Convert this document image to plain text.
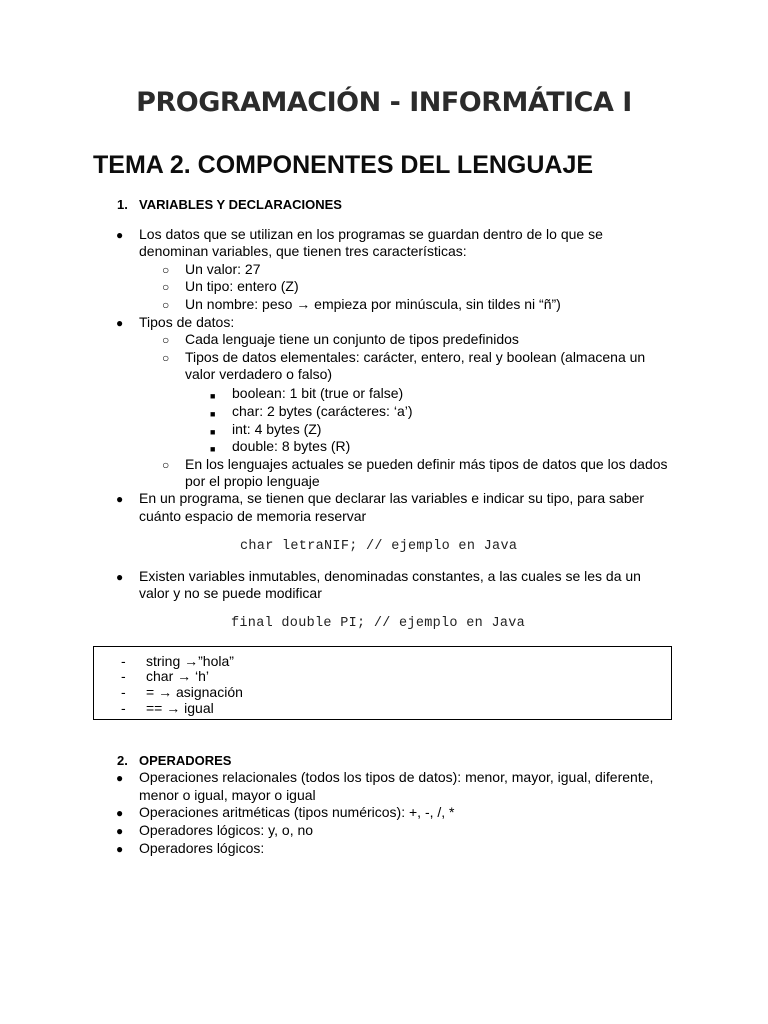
PROGRAMACIÓN - INFORMÁTICA I
TEMA 2. COMPONENTES DEL LENGUAJE
1. VARIABLES Y DECLARACIONES
●	Los datos que se utilizan en los programas se guardan dentro de lo que se
denominan variables, que tienen tres características:
○ Un valor: 27
○ Un tipo: entero (Z)
○ Un nombre: peso → empieza por minúscula, sin tildes ni “ñ”)
●	Tipos de datos:
○ Cada lenguaje tiene un conjunto de tipos predefinidos
○ Tipos de datos elementales: carácter, entero, real y boolean (almacena un
valor verdadero o falso)
■ boolean: 1 bit (true or false)
■ char: 2 bytes (carácteres: ‘a’)
■ int: 4 bytes (Z)
■ double: 8 bytes (R)
○ En los lenguajes actuales se pueden definir más tipos de datos que los dados
por el propio lenguaje
●	En un programa, se tienen que declarar las variables e indicar su tipo, para saber
cuánto espacio de memoria reservar
char letraNIF; // ejemplo en Java
●	Existen variables inmutables, denominadas constantes, a las cuales se les da un
valor y no se puede modificar
final double PI; // ejemplo en Java
- string →”hola”
- char → ‘h’
- = → asignación
- == → igual
2. OPERADORES
●	Operaciones relacionales (todos los tipos de datos): menor, mayor, igual, diferente,
menor o igual, mayor o igual
●	Operaciones aritméticas (tipos numéricos): +, -, /, *
●	Operadores lógicos: y, o, no
●	Operadores lógicos:
